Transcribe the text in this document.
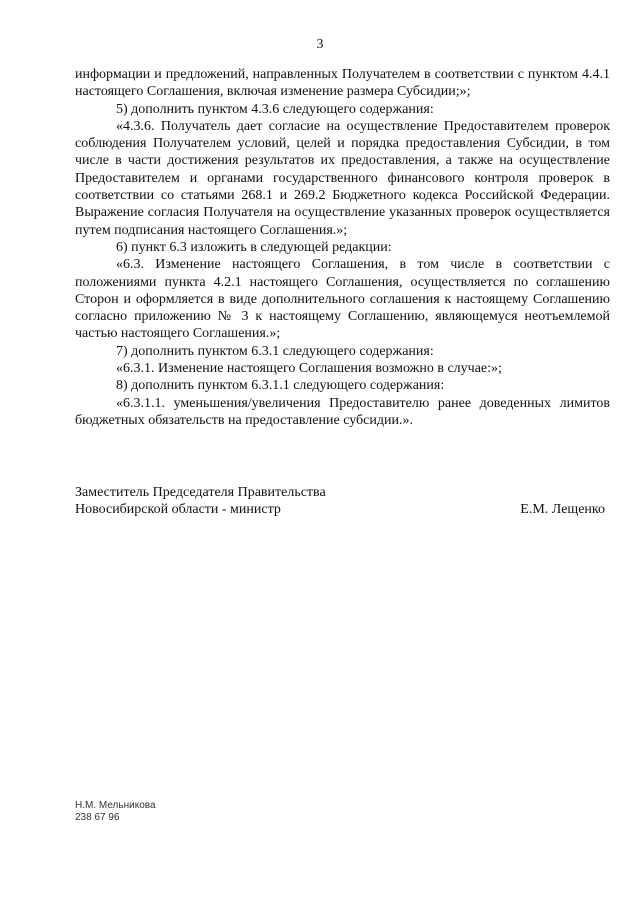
3

информации и предложений, направленных Получателем в соответствии с пунктом 4.4.1 настоящего Соглашения, включая изменение размера Субсидии;»;

5) дополнить пунктом 4.3.6 следующего содержания:

«4.3.6. Получатель дает согласие на осуществление Предоставителем проверок соблюдения Получателем условий, целей и порядка предоставления Субсидии, в том числе в части достижения результатов их предоставления, а также на осуществление Предоставителем и органами государственного финансового контроля проверок в соответствии со статьями 268.1 и 269.2 Бюджетного кодекса Российской Федерации. Выражение согласия Получателя на осуществление указанных проверок осуществляется путем подписания настоящего Соглашения.»;

6) пункт 6.3 изложить в следующей редакции:

«6.3. Изменение настоящего Соглашения, в том числе в соответствии с положениями пункта 4.2.1 настоящего Соглашения, осуществляется по соглашению Сторон и оформляется в виде дополнительного соглашения к настоящему Соглашению согласно приложению № 3 к настоящему Соглашению, являющемуся неотъемлемой частью настоящего Соглашения.»;

7) дополнить пунктом 6.3.1 следующего содержания:

«6.3.1. Изменение настоящего Соглашения возможно в случае:»;

8) дополнить пунктом 6.3.1.1 следующего содержания:

«6.3.1.1. уменьшения/увеличения Предоставителю ранее доведенных лимитов бюджетных обязательств на предоставление субсидии.».

Заместитель Председателя Правительства
Новосибирской области - министр	Е.М. Лещенко
Н.М. Мельникова
238 67 96
